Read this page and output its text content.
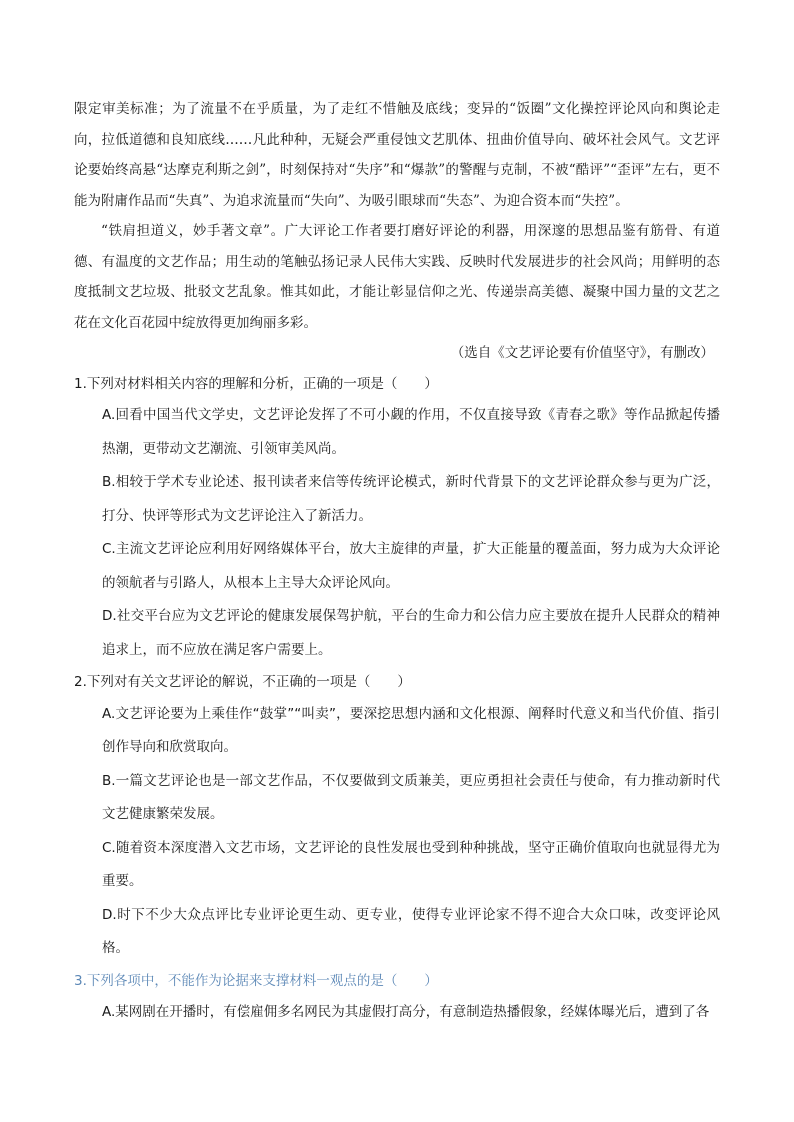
限定审美标准；为了流量不在乎质量，为了走红不惜触及底线；变异的“饭圈”文化操控评论风向和舆论走向，拉低道德和良知底线……凡此种种，无疑会严重侵蚀文艺肌体、扭曲价值导向、破坏社会风气。文艺评论要始终高悬“达摩克利斯之剑”，时刻保持对“失序”和“爆款”的警醒与克制，不被“酷评”“歪评”左右，更不能为附庸作品而“失真”、为追求流量而“失向”、为吸引眼球而“失态”、为迎合资本而“失控”。

“铁肩担道义，妙手著文章”。广大评论工作者要打磨好评论的利器，用深邃的思想品鉴有筋骨、有道德、有温度的文艺作品；用生动的笔触弘扬记录人民伟大实践、反映时代发展进步的社会风尚；用鲜明的态度抵制文艺垃圾、批驳文艺乱象。惟其如此，才能让彰显信仰之光、传递崇高美德、凝聚中国力量的文艺之花在文化百花园中绽放得更加绚丽多彩。

（选自《文艺评论要有价值坚守》，有删改）

1.下列对材料相关内容的理解和分析，正确的一项是（　　）

A.回看中国当代文学史，文艺评论发挥了不可小觑的作用，不仅直接导致《青春之歌》等作品掀起传播热潮，更带动文艺潮流、引领审美风尚。

B.相较于学术专业论述、报刊读者来信等传统评论模式，新时代背景下的文艺评论群众参与更为广泛，打分、快评等形式为文艺评论注入了新活力。

C.主流文艺评论应利用好网络媒体平台，放大主旋律的声量，扩大正能量的覆盖面，努力成为大众评论的领航者与引路人，从根本上主导大众评论风向。

D.社交平台应为文艺评论的健康发展保驾护航，平台的生命力和公信力应主要放在提升人民群众的精神追求上，而不应放在满足客户需要上。

2.下列对有关文艺评论的解说，不正确的一项是（　　）

A.文艺评论要为上乘佳作“鼓掌”“叫卖”，要深挖思想内涵和文化根源、阐释时代意义和当代价值、指引创作导向和欣赏取向。

B.一篇文艺评论也是一部文艺作品，不仅要做到文质兼美，更应勇担社会责任与使命，有力推动新时代文艺健康繁荣发展。

C.随着资本深度潜入文艺市场，文艺评论的良性发展也受到种种挑战，坚守正确价值取向也就显得尤为重要。

D.时下不少大众点评比专业评论更生动、更专业，使得专业评论家不得不迎合大众口味，改变评论风格。

3.下列各项中，不能作为论据来支撑材料一观点的是（　　）

A.某网剧在开播时，有偿雇佣多名网民为其虚假打高分，有意制造热播假象，经媒体曝光后，遭到了各
